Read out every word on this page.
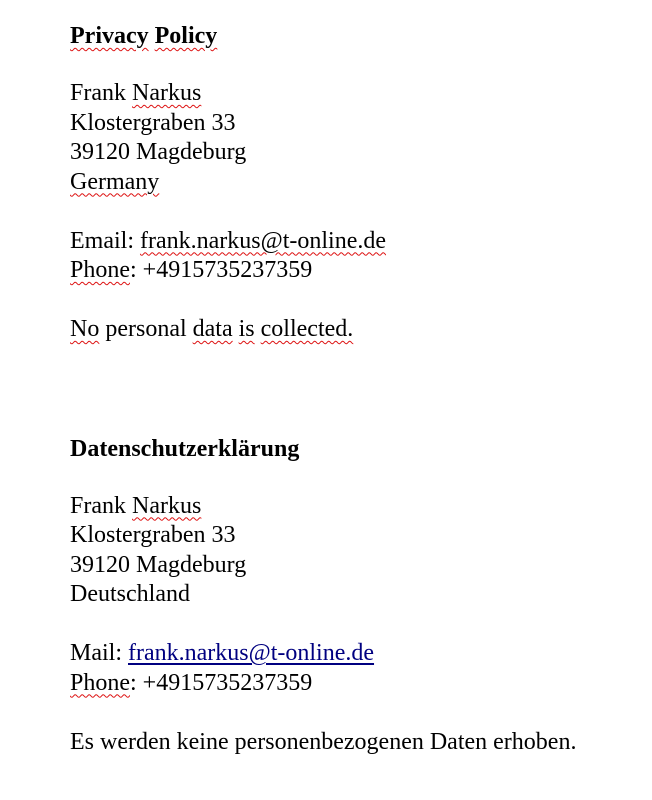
Privacy Policy
Frank Narkus
Klostergraben 33
39120 Magdeburg
Germany
Email: frank.narkus@t-online.de
Phone: +4915735237359
No personal data is collected.
Datenschutzerklärung
Frank Narkus
Klostergraben 33
39120 Magdeburg
Deutschland
Mail: frank.narkus@t-online.de
Phone: +4915735237359
Es werden keine personenbezogenen Daten erhoben.
